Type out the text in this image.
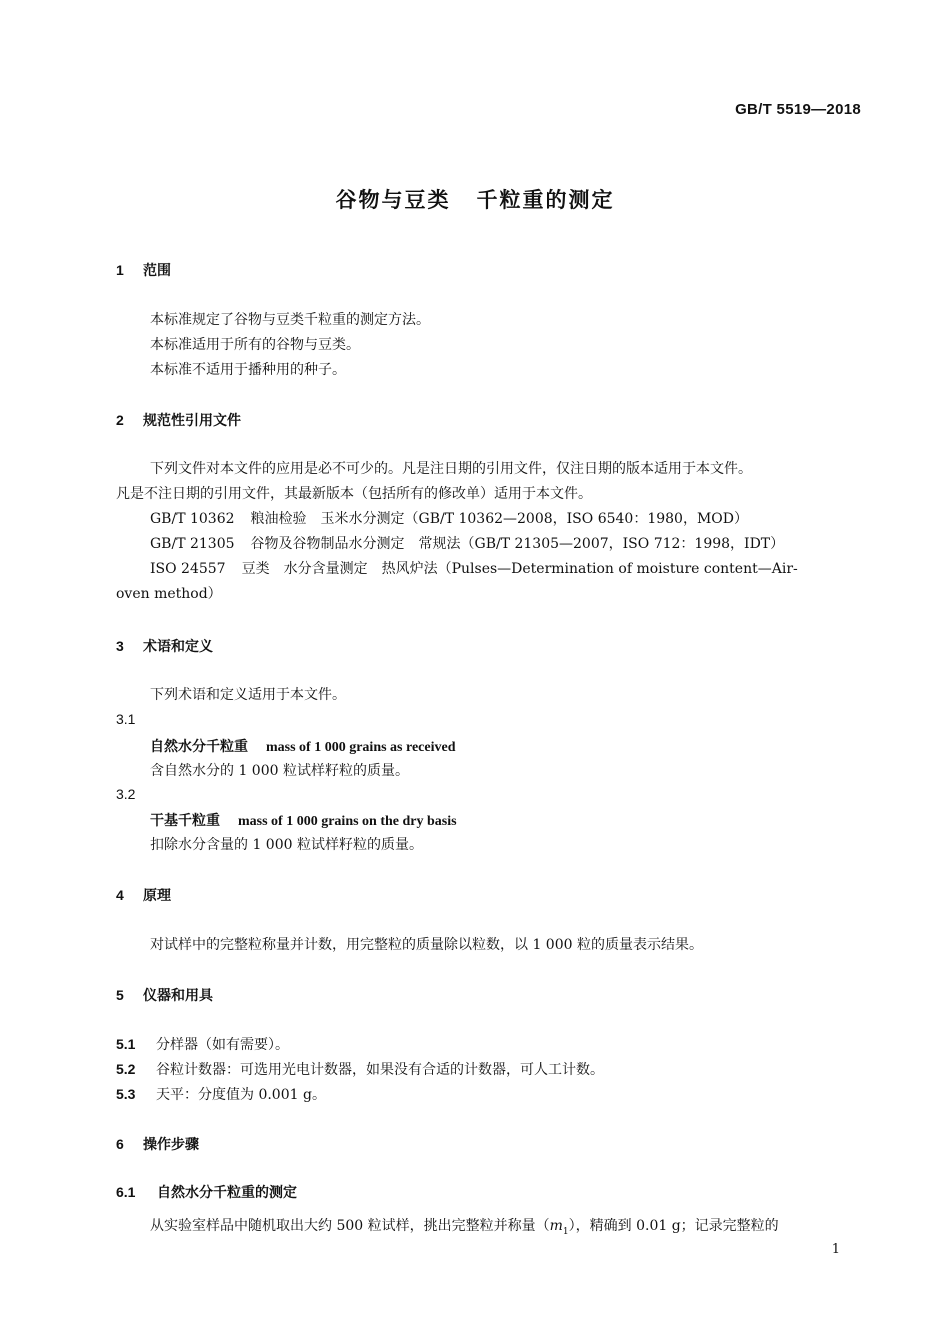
GB/T 5519—2018
谷物与豆类 千粒重的测定
1 范围
本标准规定了谷物与豆类千粒重的测定方法。
本标准适用于所有的谷物与豆类。
本标准不适用于播种用的种子。
2 规范性引用文件
下列文件对本文件的应用是必不可少的。凡是注日期的引用文件，仅注日期的版本适用于本文件。
凡是不注日期的引用文件，其最新版本（包括所有的修改单）适用于本文件。
GB/T 10362 粮油检验　玉米水分测定（GB/T 10362—2008，ISO 6540：1980，MOD）
GB/T 21305 谷物及谷物制品水分测定　常规法（GB/T 21305—2007，ISO 712：1998，IDT）
ISO 24557 豆类　水分含量测定　热风炉法（Pulses—Determination of moisture content—Air-
oven method）
3 术语和定义
下列术语和定义适用于本文件。
3.1
自然水分千粒重 mass of 1 000 grains as received
含自然水分的 1 000 粒试样籽粒的质量。
3.2
干基千粒重 mass of 1 000 grains on the dry basis
扣除水分含量的 1 000 粒试样籽粒的质量。
4 原理
对试样中的完整粒称量并计数，用完整粒的质量除以粒数，以 1 000 粒的质量表示结果。
5 仪器和用具
5.1 分样器（如有需要）。
5.2 谷粒计数器：可选用光电计数器，如果没有合适的计数器，可人工计数。
5.3 天平：分度值为 0.001 g。
6 操作步骤
6.1 自然水分千粒重的测定
从实验室样品中随机取出大约 500 粒试样，挑出完整粒并称量$(m_1)$，精确到 0.01 g；记录完整粒的
1
